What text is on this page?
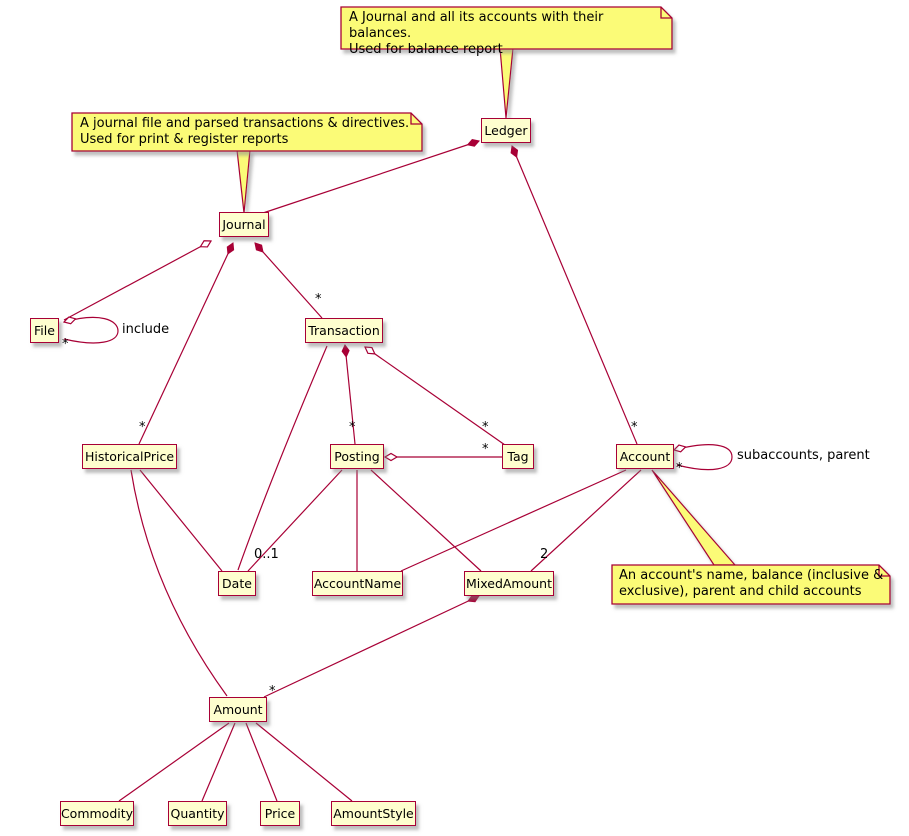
A Journal and all its accounts with their balances.
Used for balance report
A journal file and parsed transactions & directives.
Used for print & register reports
An account's name, balance (inclusive &
exclusive), parent and child accounts
Ledger
Journal
File	Transaction
HistoricalPrice	Posting	Tag	Account
Date	AccountName	MixedAmount
Amount
Commodity	Quantity	Price	AmountStyle
*
include
*
*
*
*	*
*
0..1	2
subaccounts, parent
*
*
